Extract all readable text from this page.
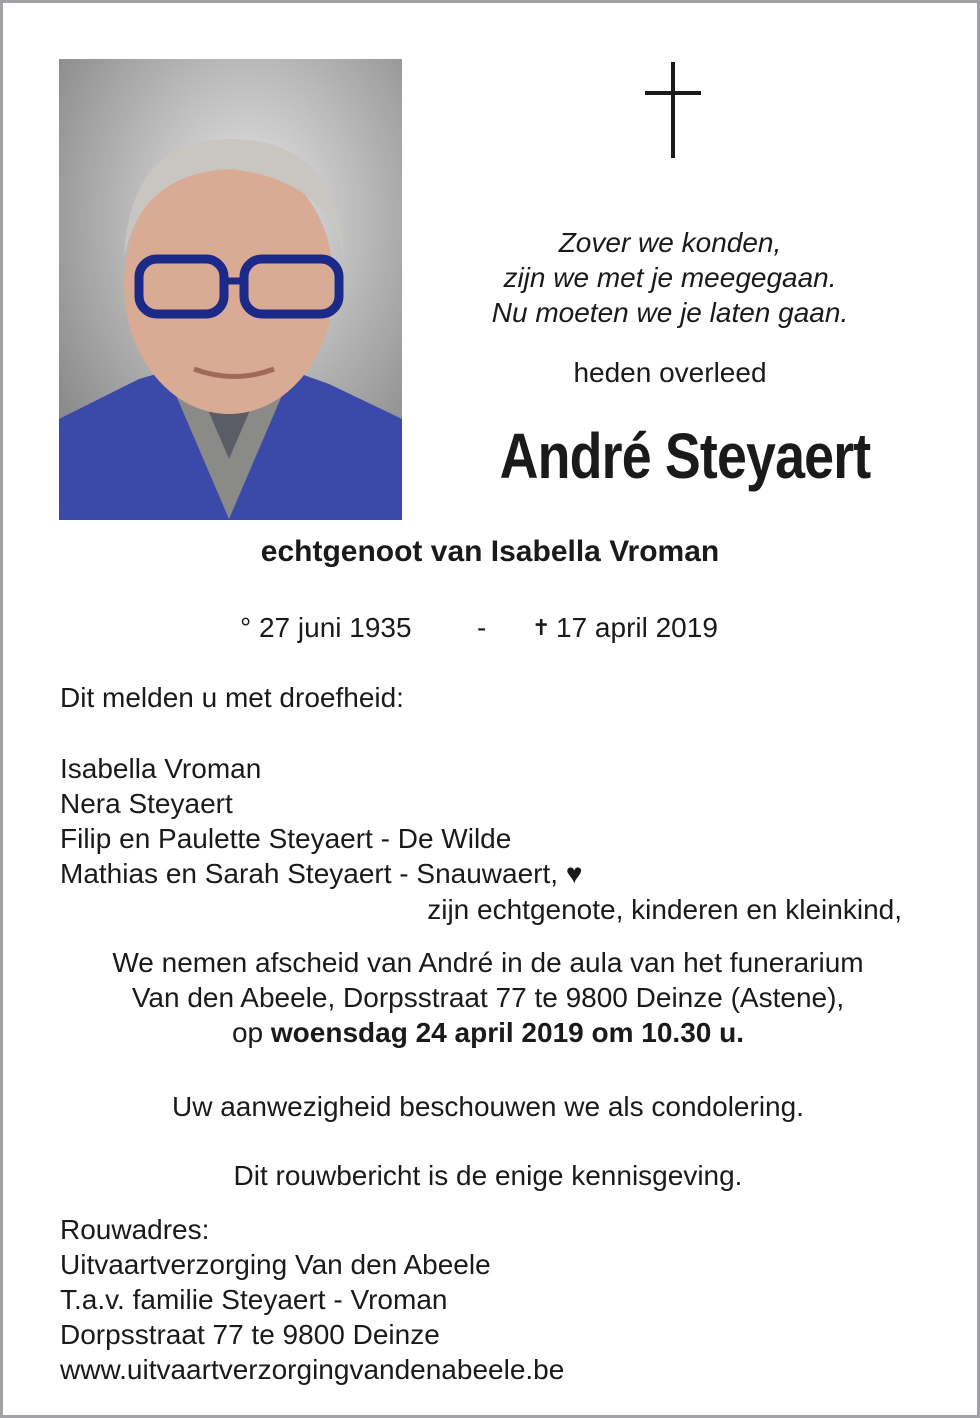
Zover we konden,
zijn we met je meegegaan.
Nu moeten we je laten gaan.
heden overleed
André Steyaert
echtgenoot van Isabella Vroman
° 27 juni 1935 - ✝ 17 april 2019
Dit melden u met droefheid:
Isabella Vroman
Nera Steyaert
Filip en Paulette Steyaert - De Wilde
Mathias en Sarah Steyaert - Snauwaert, ♥
zijn echtgenote, kinderen en kleinkind,
We nemen afscheid van André in de aula van het funerarium
Van den Abeele, Dorpsstraat 77 te 9800 Deinze (Astene),
op woensdag 24 april 2019 om 10.30 u.
Uw aanwezigheid beschouwen we als condolering.
Dit rouwbericht is de enige kennisgeving.
Rouwadres:
Uitvaartverzorging Van den Abeele
T.a.v. familie Steyaert - Vroman
Dorpsstraat 77 te 9800 Deinze
www.uitvaartverzorgingvandenabeele.be
